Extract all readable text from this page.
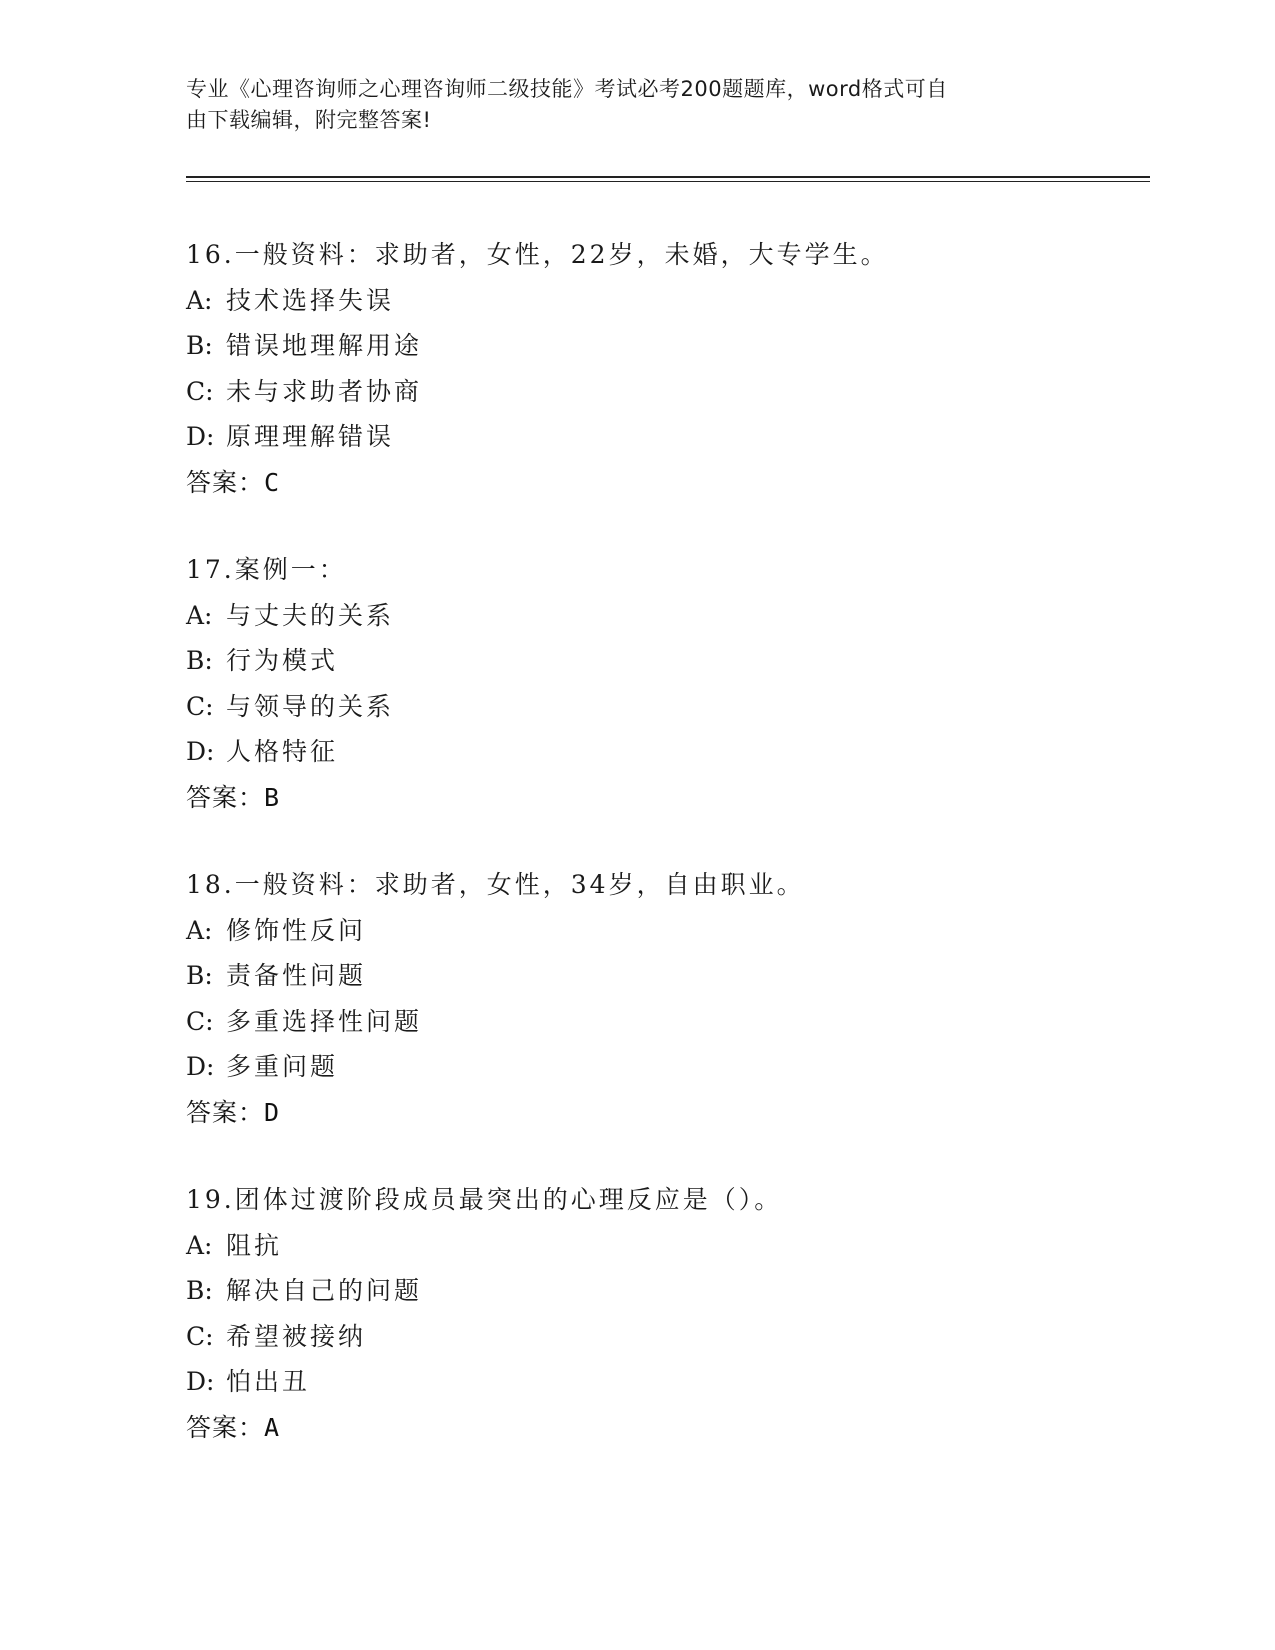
专业《心理咨询师之心理咨询师二级技能》考试必考200题题库，word格式可自
由下载编辑，附完整答案!
16.一般资料：求助者，女性，22岁，未婚，大专学生。
A: 技术选择失误
B: 错误地理解用途
C: 未与求助者协商
D: 原理理解错误
答案：C
17.案例一：
A: 与丈夫的关系
B: 行为模式
C: 与领导的关系
D: 人格特征
答案：B
18.一般资料：求助者，女性，34岁，自由职业。
A: 修饰性反问
B: 责备性问题
C: 多重选择性问题
D: 多重问题
答案：D
19.团体过渡阶段成员最突出的心理反应是（）。
A: 阻抗
B: 解决自己的问题
C: 希望被接纳
D: 怕出丑
答案：A
